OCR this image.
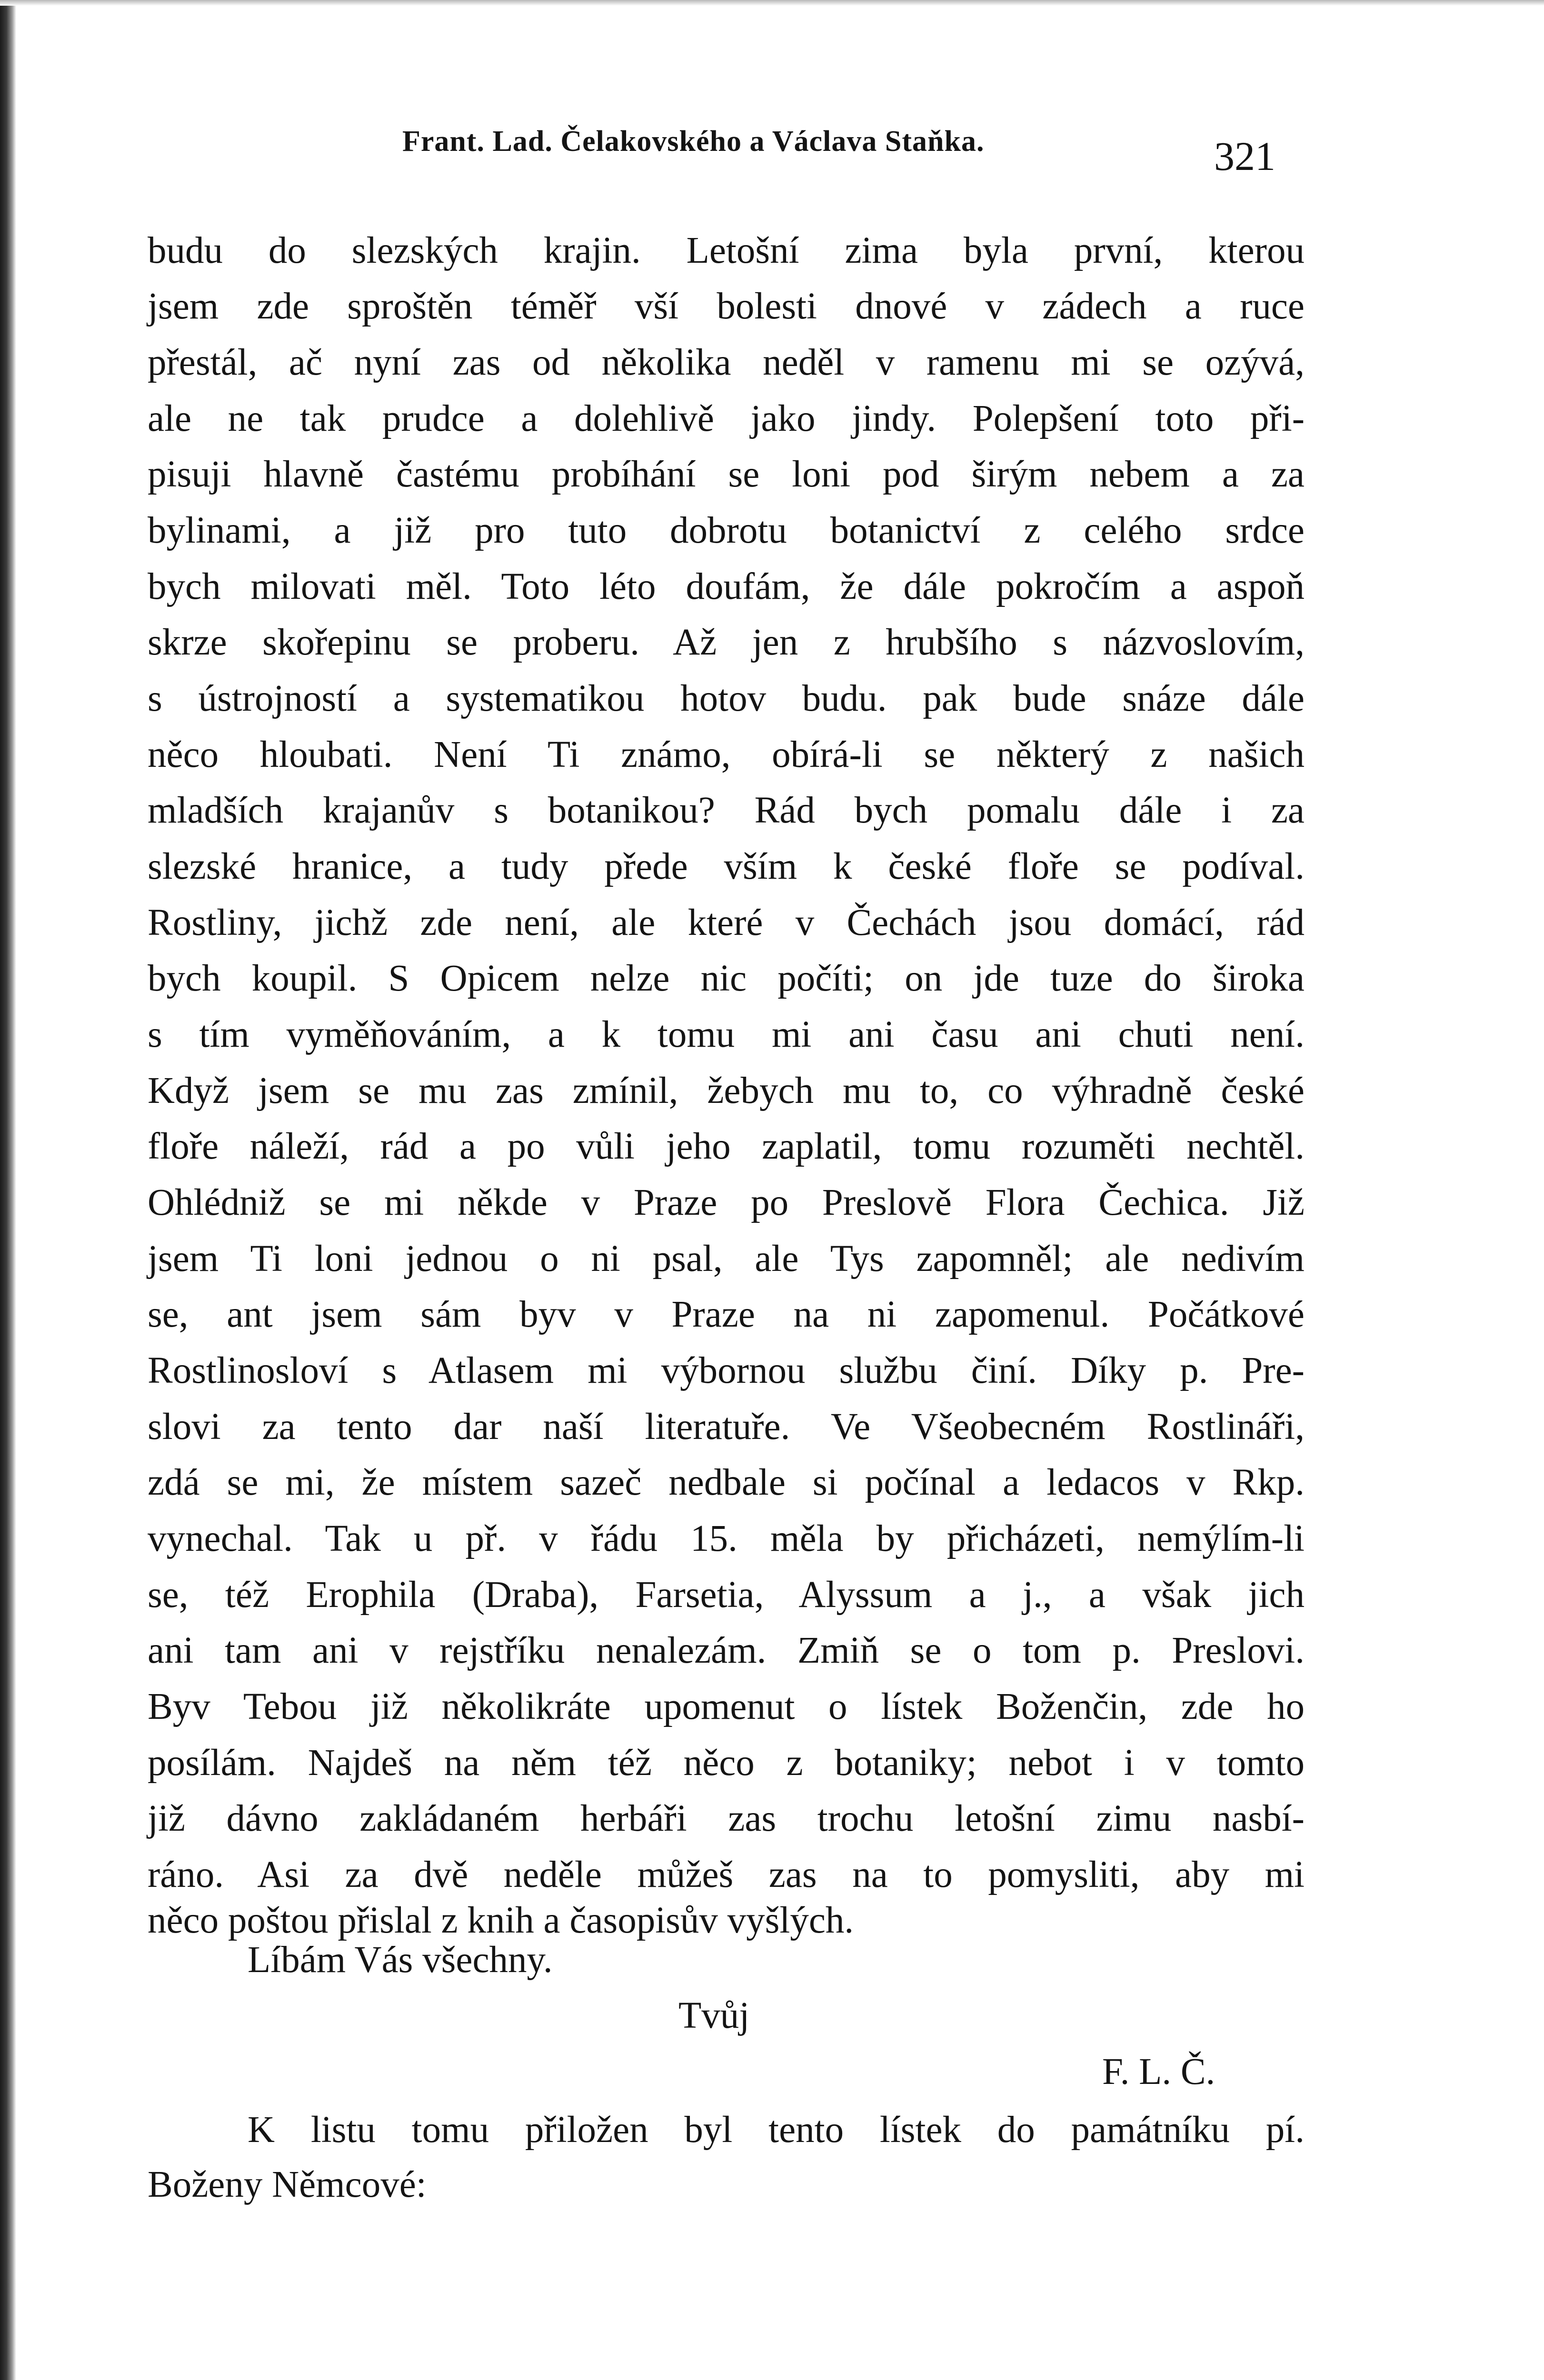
Frant. Lad. Čelakovského a Václava Staňka.	321
budu do slezských krajin. Letošní zima byla první, kterou
jsem zde sproštěn téměř vší bolesti dnové v zádech a ruce
přestál, ač nyní zas od několika neděl v ramenu mi se ozývá,
ale ne tak prudce a dolehlivě jako jindy. Polepšení toto při-
pisuji hlavně častému probíhání se loni pod širým nebem a za
bylinami, a již pro tuto dobrotu botanictví z celého srdce
bych milovati měl. Toto léto doufám, že dále pokročím a aspoň
skrze skořepinu se proberu. Až jen z hrubšího s názvoslovím,
s ústrojností a systematikou hotov budu. pak bude snáze dále
něco hloubati. Není Ti známo, obírá-li se některý z našich
mladších krajanův s botanikou? Rád bych pomalu dále i za
slezské hranice, a tudy přede vším k české floře se podíval.
Rostliny, jichž zde není, ale které v Čechách jsou domácí, rád
bych koupil. S Opicem nelze nic počíti; on jde tuze do široka
s tím vyměňováním, a k tomu mi ani času ani chuti není.
Když jsem se mu zas zmínil, žebych mu to, co výhradně české
floře náleží, rád a po vůli jeho zaplatil, tomu rozuměti nechtěl.
Ohlédniž se mi někde v Praze po Preslově Flora Čechica. Již
jsem Ti loni jednou o ni psal, ale Tys zapomněl; ale nedivím
se, ant jsem sám byv v Praze na ni zapomenul. Počátkové
Rostlinosloví s Atlasem mi výbornou službu činí. Díky p. Pre-
slovi za tento dar naší literatuře. Ve Všeobecném Rostlináři,
zdá se mi, že místem sazeč nedbale si počínal a ledacos v Rkp.
vynechal. Tak u př. v řádu 15. měla by přicházeti, nemýlím-li
se, též Erophila (Draba), Farsetia, Alyssum a j., a však jich
ani tam ani v rejstříku nenalezám. Zmiň se o tom p. Preslovi.
Byv Tebou již několikráte upomenut o lístek Boženčin, zde ho
posílám. Najdeš na něm též něco z botaniky; nebot i v tomto
již dávno zakládaném herbáři zas trochu letošní zimu nasbí-
ráno. Asi za dvě neděle můžeš zas na to pomysliti, aby mi
něco poštou přislal z knih a časopisův vyšlých.
Líbám Vás všechny.
Tvůj
F. L. Č.
K listu tomu přiložen byl tento lístek do památníku pí.
Boženy Němcové:
